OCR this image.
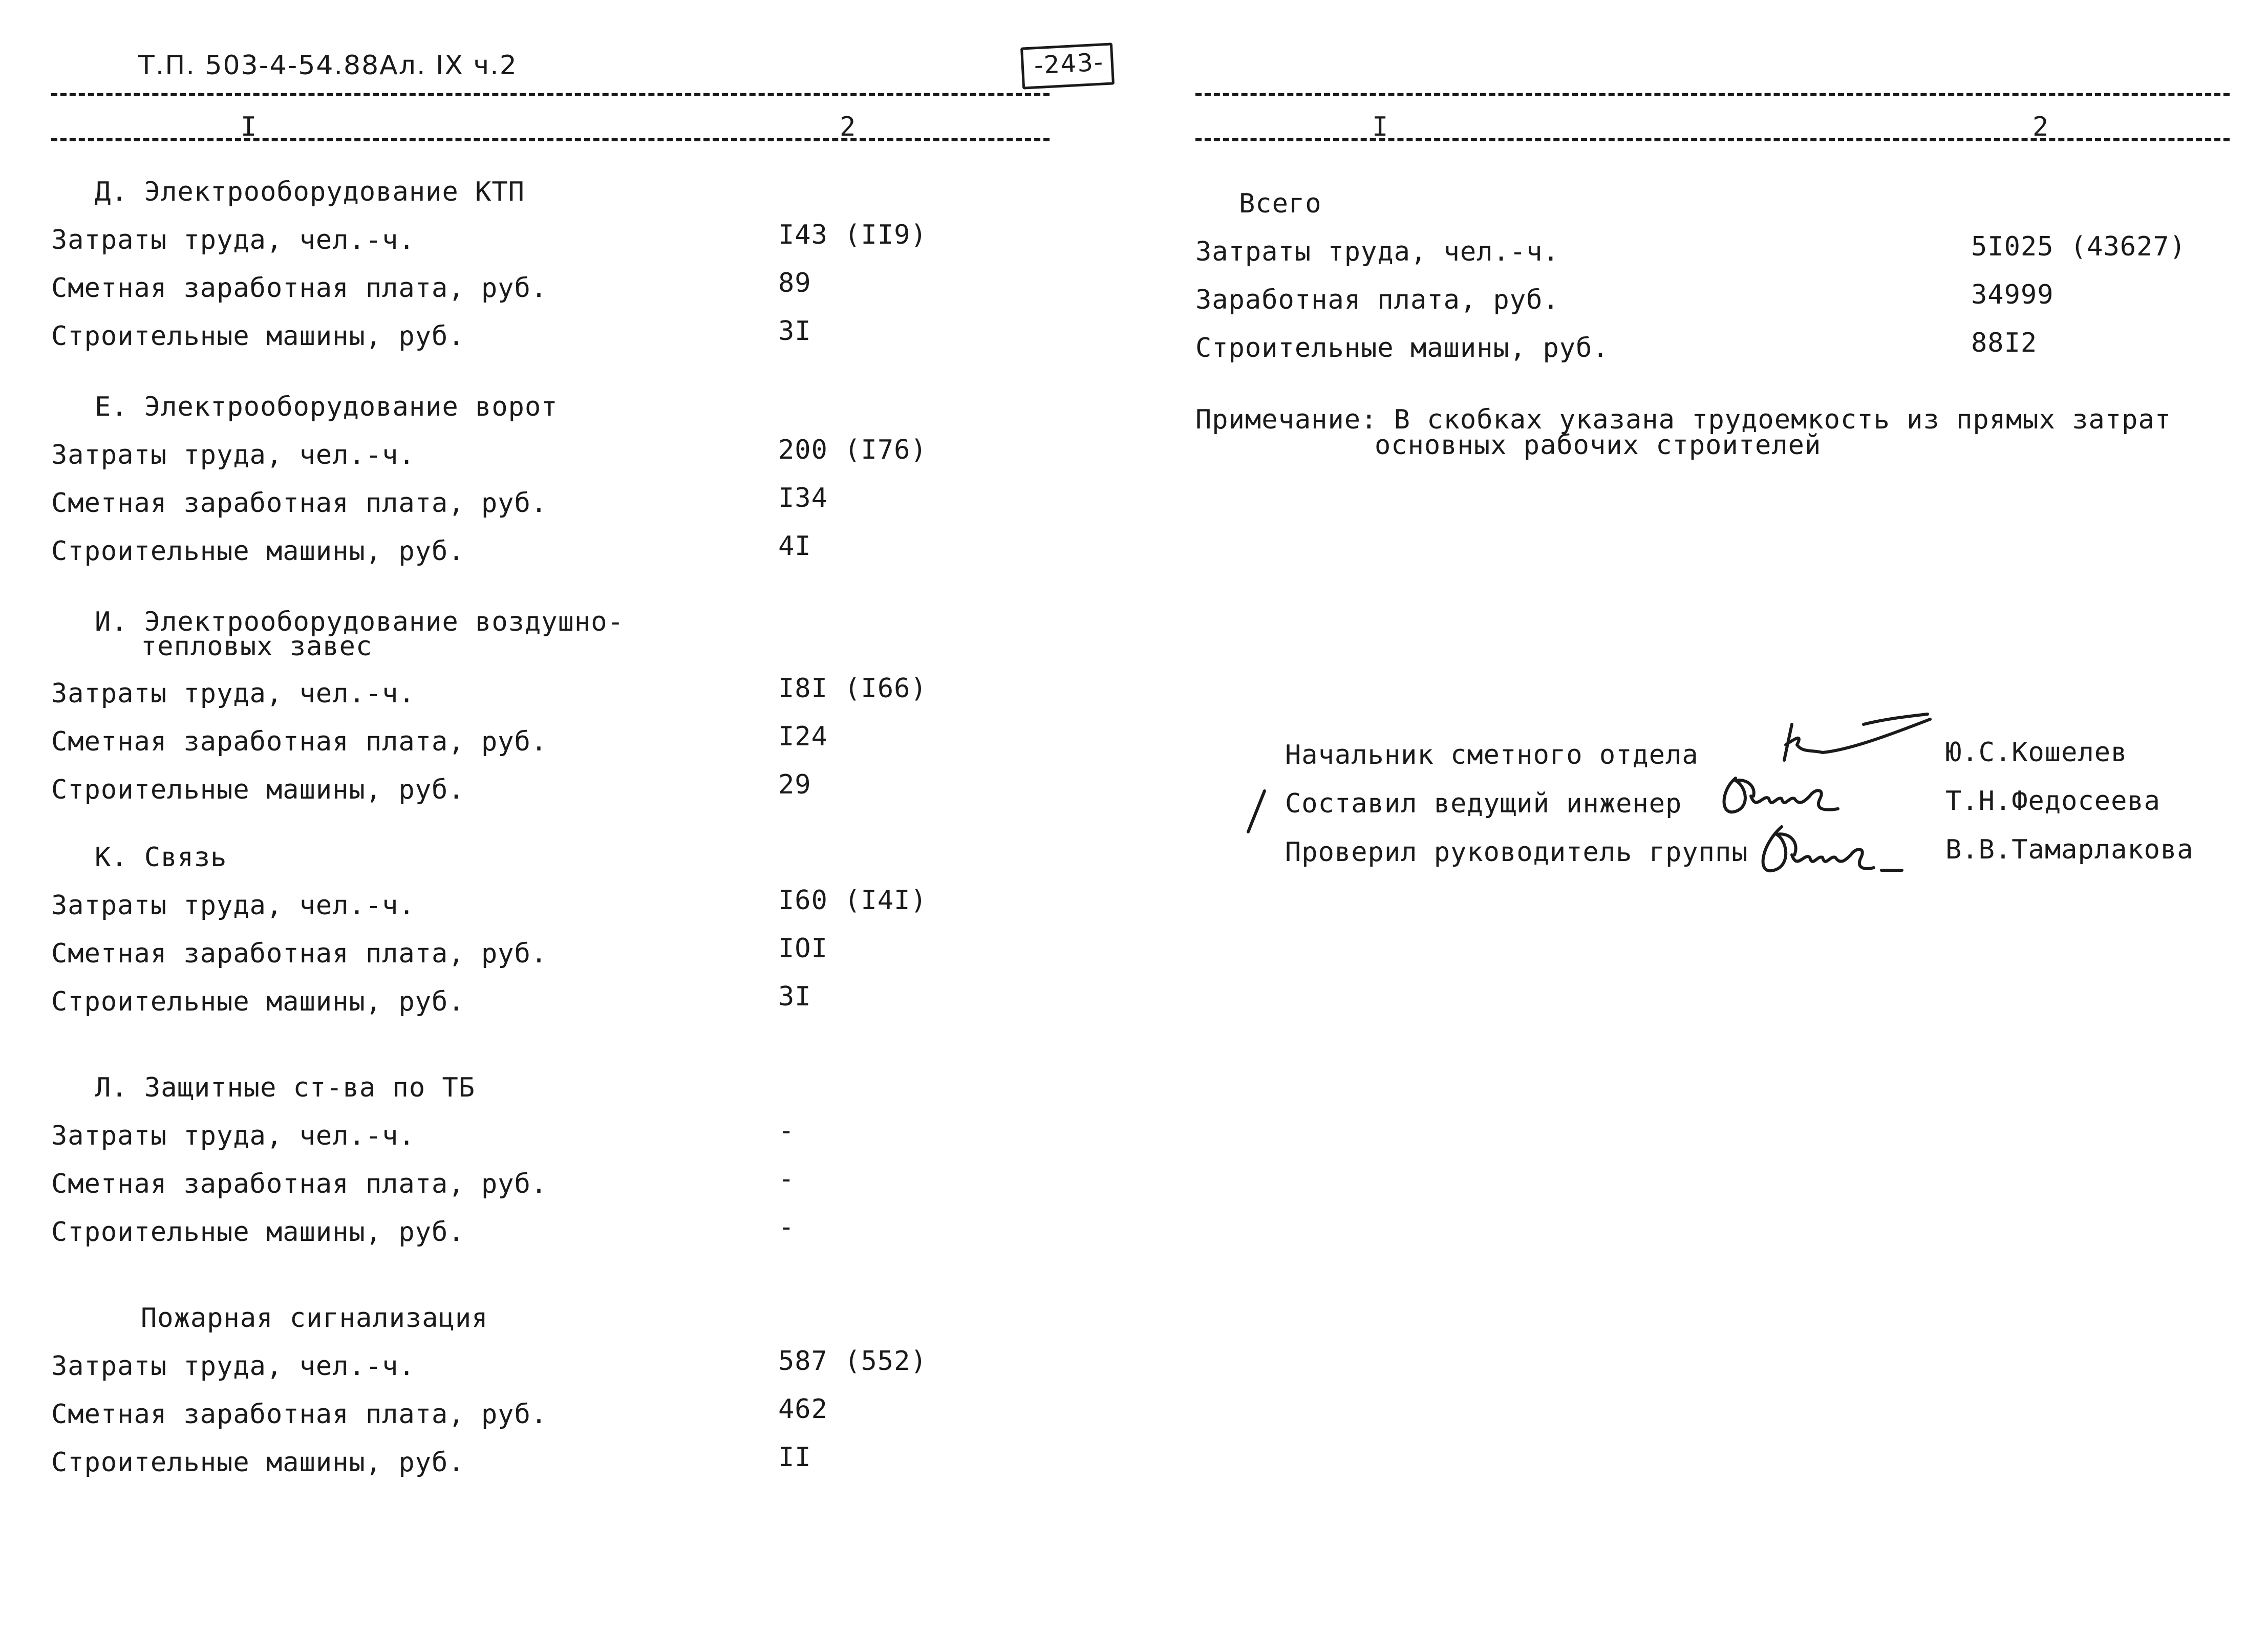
Т.П. 503-4-54.88Ал. IX ч.2	-243-
I	2
Д. Электрооборудование КТП
Затраты труда, чел.-ч.	I43 (II9)
Сметная заработная плата, руб.	89
Строительные машины, руб.	3I
Е. Электрооборудование ворот
Затраты труда, чел.-ч.	200 (I76)
Сметная заработная плата, руб.	I34
Строительные машины, руб.	4I
И. Электрооборудование воздушно-
тепловых завес
Затраты труда, чел.-ч.	I8I (I66)
Сметная заработная плата, руб.	I24
Строительные машины, руб.	29
К. Связь
Затраты труда, чел.-ч.	I60 (I4I)
Сметная заработная плата, руб.	IOI
Строительные машины, руб.	3I
Л. Защитные ст-ва по ТБ
Затраты труда, чел.-ч.	-
Сметная заработная плата, руб.	-
Строительные машины, руб.	-
Пожарная сигнализация
Затраты труда, чел.-ч.	587 (552)
Сметная заработная плата, руб.	462
Строительные машины, руб.	II
I	2
Всего
Затраты труда, чел.-ч.	5I025 (43627)
Заработная плата, руб.	34999
Строительные машины, руб.	88I2
Примечание: В скобках указана трудоемкость из прямых затрат
основных рабочих строителей
Начальник сметного отдела	Ю.С.Кошелев
Составил ведущий инженер	Т.Н.Федосеева
Проверил руководитель группы	В.В.Тамарлакова
